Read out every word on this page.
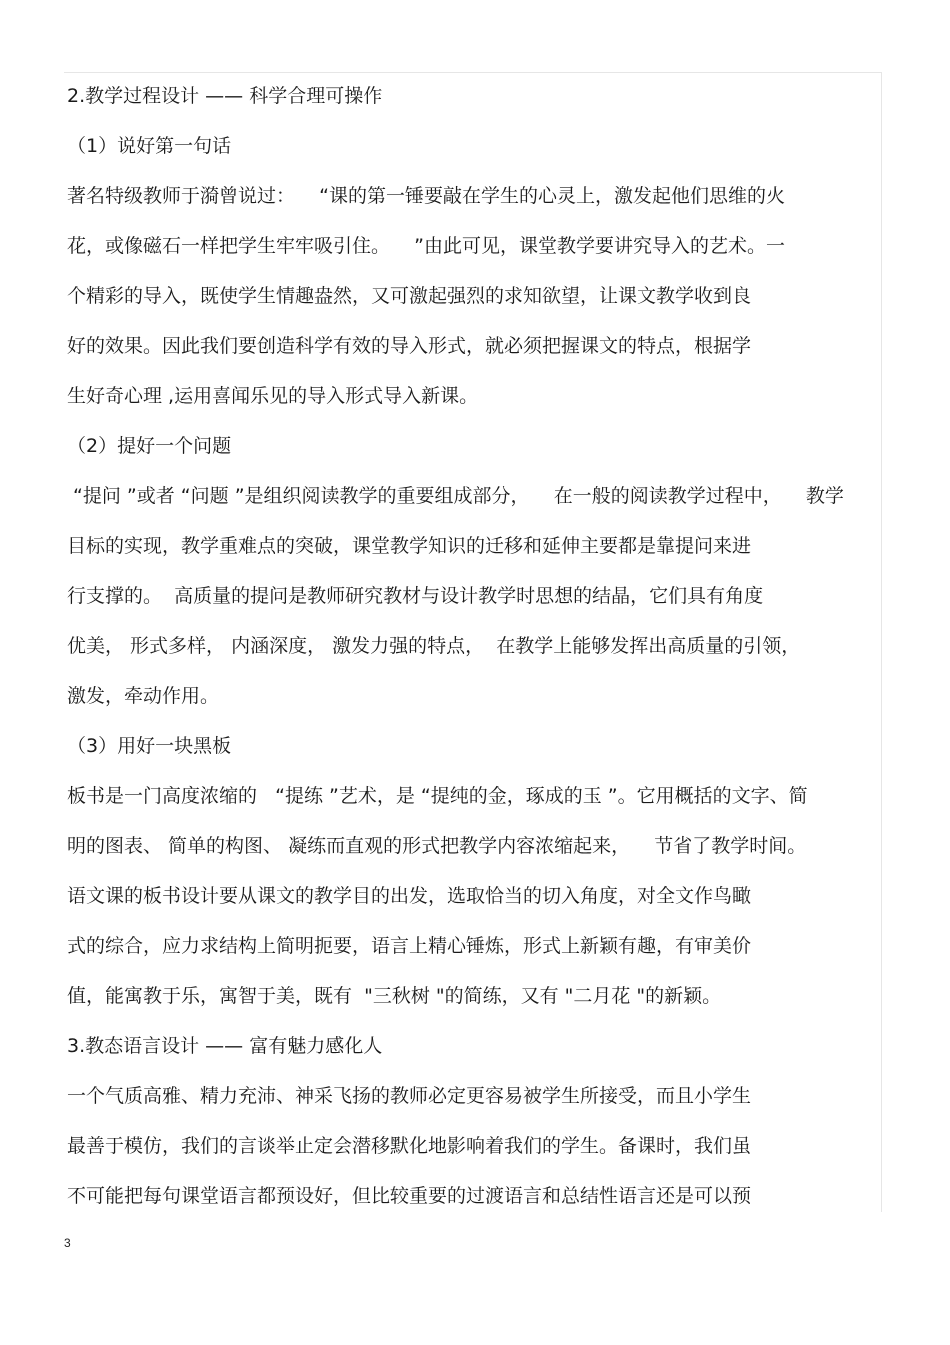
2.教学过程设计 —— 科学合理可操作
（1）说好第一句话
著名特级教师于漪曾说过：    “课的第一锤要敲在学生的心灵上，激发起他们思维的火
花，或像磁石一样把学生牢牢吸引住。    ”由此可见，课堂教学要讲究导入的艺术。一
个精彩的导入，既使学生情趣盎然，又可激起强烈的求知欲望，让课文教学收到良
好的效果。因此我们要创造科学有效的导入形式，就必须把握课文的特点，根据学
生好奇心理 ,运用喜闻乐见的导入形式导入新课。
（2）提好一个问题
“提问 ”或者 “问题 ”是组织阅读教学的重要组成部分，    在一般的阅读教学过程中，    教学
目标的实现，教学重难点的突破，课堂教学知识的迁移和延伸主要都是靠提问来进
行支撑的。  高质量的提问是教师研究教材与设计教学时思想的结晶，它们具有角度
优美， 形式多样， 内涵深度， 激发力强的特点，  在教学上能够发挥出高质量的引领，
激发，牵动作用。
（3）用好一块黑板
板书是一门高度浓缩的   “提练 ”艺术，是 “提纯的金，琢成的玉 ”。它用概括的文字、简
明的图表、 简单的构图、 凝练而直观的形式把教学内容浓缩起来，    节省了教学时间。
语文课的板书设计要从课文的教学目的出发，选取恰当的切入角度，对全文作鸟瞰
式的综合，应力求结构上简明扼要，语言上精心锤炼，形式上新颖有趣，有审美价
值，能寓教于乐，寓智于美，既有  "三秋树 "的简练，又有 "二月花 "的新颖。
3.教态语言设计 —— 富有魅力感化人
一个气质高雅、精力充沛、神采飞扬的教师必定更容易被学生所接受，而且小学生
最善于模仿，我们的言谈举止定会潜移默化地影响着我们的学生。备课时，我们虽
不可能把每句课堂语言都预设好，但比较重要的过渡语言和总结性语言还是可以预
3
